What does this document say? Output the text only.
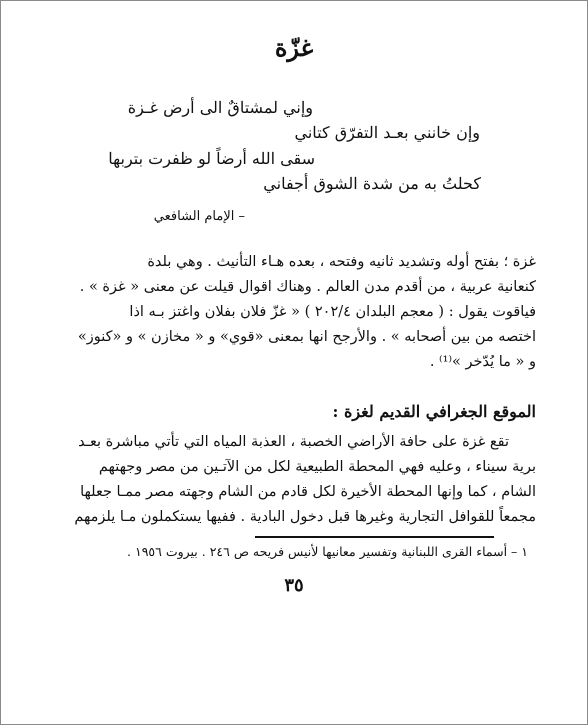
غزّة
وإني لمشتاقٌ الى أرض غـزة
وإن خانني بعـد التفرّق كتاني
سقى الله أرضاً لو ظفرت بتربها
كحلتُ به من شدة الشوق أجفاني
– الإمام الشافعي
غزة ؛ بفتح أوله وتشديد ثانيه وفتحه ، بعده هـاء التأنيث . وهي بلدة
كنعانية عربية ، من أقدم مدن العالم . وهناك اقوال قيلت عن معنى « غزة » .
فياقوت يقول : ( معجم البلدان ٢٠٢/٤ ) « غزّ فلان بفلان واغتز بـه اذا
اختصه من بين أصحابه » . والأرجح انها بمعنى «قوي» و « مخازن » و «كنوز»
و « ما يُدّخر »⁽¹⁾ .
الموقع الجغرافي القديم لغزة :
تقع غزة على حافة الأراضي الخصبة ، العذبة المياه التي تأتي مباشرة بعـد
برية سيناء ، وعليه فهي المحطة الطبيعية لكل من الآتـين من مصر وجهتهم
الشام ، كما وإنها المحطة الأخيرة لكل قادم من الشام وجهته مصر ممـا جعلها
مجمعاً للقوافل التجارية وغيرها قبل دخول البادية . ففيها يستكملون مـا يلزمهم
١ – أسماء القرى اللبنانية وتفسير معانيها لأنيس فريحه ص ٢٤٦ . بيروت ١٩٥٦ .
٣٥
